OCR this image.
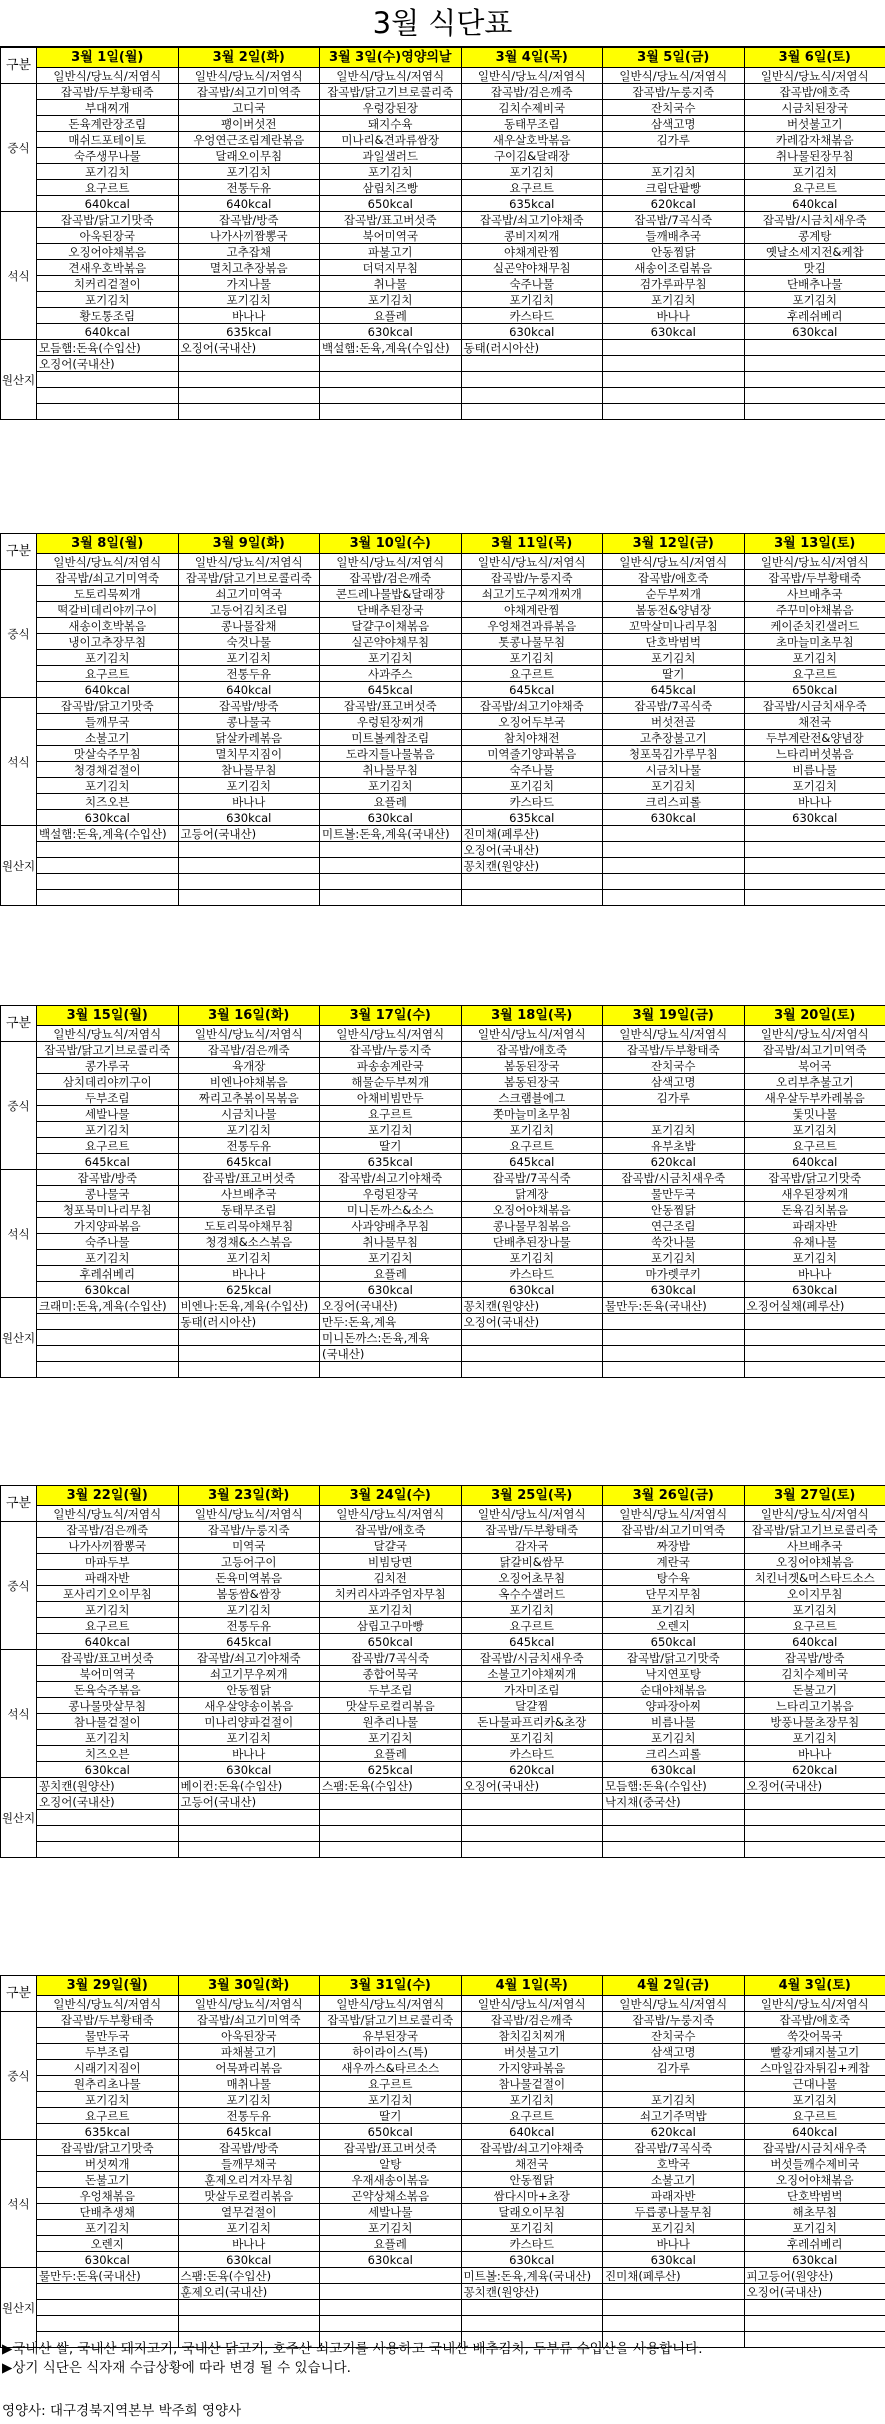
3월 식단표
구분	3월 1일(월)	3월 2일(화)	3월 3일(수)영양의날	3월 4일(목)	3월 5일(금)	3월 6일(토)
	일반식/당뇨식/저염식	일반식/당뇨식/저염식	일반식/당뇨식/저염식	일반식/당뇨식/저염식	일반식/당뇨식/저염식	일반식/당뇨식/저염식
중식	잡곡밥/두부황태죽	잡곡밥/쇠고기미역죽	잡곡밥/닭고기브로콜리죽	잡곡밥/검은깨죽	잡곡밥/누룽지죽	잡곡밥/애호죽
	부대찌개	고디국	우렁강된장	김치수제비국	잔치국수	시금치된장국
	돈육계란장조림	팽이버섯전	돼지수육	동태무조림	삼색고명	버섯불고기
	매쉬드포테이토	우엉연근조림계란볶음	미나리&견과류쌈장	새우살호박볶음	김가루	카레감자채볶음
	숙주생무나물	달래오이무침	과일샐러드	구이김&달래장		취나물된장무침
	포기김치	포기김치	포기김치	포기김치	포기김치	포기김치
	요구르트	전통두유	삼립치즈빵	요구르트	크림단팥빵	요구르트
	640kcal	640kcal	650kcal	635kcal	620kcal	640kcal
석식	잡곡밥/닭고기맛죽	잡곡밥/방죽	잡곡밥/표고버섯죽	잡곡밥/쇠고기야채죽	잡곡밥/7곡식죽	잡곡밥/시금치새우죽
	아욱된장국	나가사끼짬뽕국	북어미역국	콩비지찌개	들깨배추국	콩계탕
	오징어야채볶음	고추잡채	파불고기	야채계란찜	안동찜닭	옛날소세지전&케찹
	견새우호박볶음	멸치고추장볶음	더덕지무침	실곤약야채무침	새송이조림볶음	맛김
	치커리겉절이	가지나물	취나물	숙주나물	검가루파무침	단배추나물
	포기김치	포기김치	포기김치	포기김치	포기김치	포기김치
	황도통조림	바나나	요플레	카스타드	바나나	후레쉬베리
	640kcal	635kcal	630kcal	630kcal	630kcal	630kcal
원산지	모듬햄:돈육(수입산)	오징어(국내산)	백설햄:돈육,계육(수입산)	동태(러시아산)		
	오징어(국내산)					

구분	3월 8일(월)	3월 9일(화)	3월 10일(수)	3월 11일(목)	3월 12일(금)	3월 13일(토)
	일반식/당뇨식/저염식	일반식/당뇨식/저염식	일반식/당뇨식/저염식	일반식/당뇨식/저염식	일반식/당뇨식/저염식	일반식/당뇨식/저염식
중식	잡곡밥/쇠고기미역죽	잡곡밥/닭고기브로콜리죽	잡곡밥/검은깨죽	잡곡밥/누룽지죽	잡곡밥/애호죽	잡곡밥/두부황태죽
	도토리묵찌개	쇠고기미역국	콘드레나물밥&달래장	쇠고기도구찌개찌개	순두부찌개	사브배추국
	떡갈비데리야끼구이	고등어김치조림	단배추된장국	야채계란찜	봄동전&양념장	주꾸미야채볶음
	새송이호박볶음	콩나물잡채	달걀구이채볶음	우엉채견과류볶음	꼬막살미나리무침	케이준치킨샐러드
	냉이고추장무침	숙것나물	실곤약야채무침	톳콩나물무침	단호박범벅	초마늘미초무침
	포기김치	포기김치	포기김치	포기김치	포기김치	포기김치
	요구르트	전통두유	사과주스	요구르트	딸기	요구르트
	640kcal	640kcal	645kcal	645kcal	645kcal	650kcal
석식	잡곡밥/닭고기맛죽	잡곡밥/방죽	잡곡밥/표고버섯죽	잡곡밥/쇠고기야채죽	잡곡밥/7곡식죽	잡곡밥/시금치새우죽
	들깨무국	콩나물국	우렁된장찌개	오징어두부국	버섯전골	채전국
	소불고기	닭살카레볶음	미트볼케찹조림	참치야채전	고추장불고기	두부계란전&양념장
	맛살숙주무침	멸치무지짐이	도라지들나물볶음	미역줄기양파볶음	청포묵김가루무침	느타리버섯볶음
	청경채겉절이	참나물무침	취나물무침	숙주나물	시금치나물	비름나물
	포기김치	포기김치	포기김치	포기김치	포기김치	포기김치
	치즈오븐	바나나	요플레	카스타드	크리스피롤	바나나
	630kcal	630kcal	630kcal	635kcal	630kcal	630kcal
원산지	백설햄:돈육,계육(수입산)	고등어(국내산)	미트볼:돈육,계육(국내산)	진미채(페루산)		
				오징어(국내산)		
				꽁치캔(원양산)		

구분	3월 15일(월)	3월 16일(화)	3월 17일(수)	3월 18일(목)	3월 19일(금)	3월 20일(토)
	일반식/당뇨식/저염식	일반식/당뇨식/저염식	일반식/당뇨식/저염식	일반식/당뇨식/저염식	일반식/당뇨식/저염식	일반식/당뇨식/저염식
중식	잡곡밥/닭고기브로콜리죽	잡곡밥/검은깨죽	잡곡밥/누룽지죽	잡곡밥/애호죽	잡곡밥/두부황태죽	잡곡밥/쇠고기미역죽
	콩가루국	육개장	파송송계란국	봄동된장국	잔치국수	북어국
	삼치데리야끼구이	비엔나야채볶음	해물순두부찌개	봄동된장국	삼색고명	오리부추불고기
	두부조림	짜리고추볶이목볶음	아채비빔만두	스크램블에그	김가루	새우살두부카레볶음
	세발나물	시금치나물	요구르트	쫏마늘미초무침		돛밋나물
	포기김치	포기김치	포기김치	포기김치	포기김치	포기김치
	요구르트	전통두유	딸기	요구르트	유부초밥	요구르트
	645kcal	645kcal	635kcal	645kcal	620kcal	640kcal
석식	잡곡밥/방죽	잡곡밥/표고버섯죽	잡곡밥/쇠고기야채죽	잡곡밥/7곡식죽	잡곡밥/시금치새우죽	잡곡밥/닭고기맛죽
	콩나물국	사브배추국	우렁된장국	닭계장	물만두국	새우된장찌개
	청포묵미나리무침	동태무조림	미니돈까스&소스	오징어야채볶음	안동찜닭	돈육김치볶음
	가지양파볶음	도토리묵야채무침	사과양배추무침	콩나물무침볶음	연근조림	파래자반
	숙주나물	청경채&소스볶음	취나물무침	단배추된장나물	쑥갓나물	유채나물
	포기김치	포기김치	포기김치	포기김치	포기김치	포기김치
	후레쉬베리	바나나	요플레	카스타드	마가렛쿠키	바나나
	630kcal	625kcal	630kcal	630kcal	630kcal	630kcal
원산지	크래미:돈육,계육(수입산)	비엔나:돈육,계육(수입산)	오징어(국내산)	꽁치캔(원양산)	물만두:돈육(국내산)	오징어실채(페루산)
		동태(러시아산)	만두:돈육,계육	오징어(국내산)		
			미니돈까스:돈육,계육			
			(국내산)			

구분	3월 22일(월)	3월 23일(화)	3월 24일(수)	3월 25일(목)	3월 26일(금)	3월 27일(토)
	일반식/당뇨식/저염식	일반식/당뇨식/저염식	일반식/당뇨식/저염식	일반식/당뇨식/저염식	일반식/당뇨식/저염식	일반식/당뇨식/저염식
중식	잡곡밥/검은깨죽	잡곡밥/누룽지죽	잡곡밥/애호죽	잡곡밥/두부황태죽	잡곡밥/쇠고기미역죽	잡곡밥/닭고기브로콜리죽
	나가사끼짬뽕국	미역국	달걀국	감자국	짜장밥	사브배추국
	마파두부	고등어구이	비빔당면	닭갈비&쌈무	계란국	오징어야채볶음
	파래자반	돈육미역볶음	김치전	오징어초무침	탕수육	치킨너겟&머스타드소스
	포사리기오이무침	봄동쌈&쌈장	치커리사과주엄자무침	옥수수샐러드	단무지무침	오이지무침
	포기김치	포기김치	포기김치	포기김치	포기김치	포기김치
	요구르트	전통두유	삼립고구마빵	요구르트	오렌지	요구르트
	640kcal	645kcal	650kcal	645kcal	650kcal	640kcal
석식	잡곡밥/표고버섯죽	잡곡밥/쇠고기야채죽	잡곡밥/7곡식죽	잡곡밥/시금치새우죽	잡곡밥/닭고기맛죽	잡곡밥/방죽
	북어미역국	쇠고기무우찌개	종합어묵국	소불고기야채찌개	낙지연포탕	김치수제비국
	돈육숙주볶음	안동찜닭	두부조림	가자미조림	순대야채볶음	돈불고기
	콩나물맛살무침	새우살양송이볶음	맛살두로컬리볶음	달걀찜	양파장아찌	느타리고기볶음
	참나물겉절이	미나리양파겉절이	원추리나물	돈나물파프리카&초장	비름나물	방풍나물초장무침
	포기김치	포기김치	포기김치	포기김치	포기김치	포기김치
	치즈오븐	바나나	요플레	카스타드	크리스피롤	바나나
	630kcal	630kcal	625kcal	620kcal	630kcal	620kcal
원산지	꽁치캔(원양산)	베이컨:돈육(수입산)	스팸:돈육(수입산)	오징어(국내산)	모듬햄:돈육(수입산)	오징어(국내산)
	오징어(국내산)	고등어(국내산)			낙지채(중국산)	

구분	3월 29일(월)	3월 30일(화)	3월 31일(수)	4월 1일(목)	4월 2일(금)	4월 3일(토)
	일반식/당뇨식/저염식	일반식/당뇨식/저염식	일반식/당뇨식/저염식	일반식/당뇨식/저염식	일반식/당뇨식/저염식	일반식/당뇨식/저염식
중식	잡곡밥/두부황태죽	잡곡밥/쇠고기미역죽	잡곡밥/닭고기브로콜리죽	잡곡밥/검은깨죽	잡곡밥/누룽지죽	잡곡밥/애호죽
	물만두국	아욱된장국	유부된장국	참치김치찌개	잔치국수	쑥갓어묵국
	두부조림	파채불고기	하이라이스(특)	버섯불고기	삼색고명	빨갛게돼지불고기
	시래기지짐이	어묵꽈리볶음	새우까스&타르소스	가지양파볶음	김가루	스마일감자튀김+케찹
	원추리초나물	매취나물	요구르트	참나물겉절이		근대나물
	포기김치	포기김치	포기김치	포기김치	포기김치	포기김치
	요구르트	전통두유	딸기	요구르트	쇠고기주먹밥	요구르트
	635kcal	645kcal	650kcal	640kcal	620kcal	640kcal
석식	잡곡밥/닭고기맛죽	잡곡밥/방죽	잡곡밥/표고버섯죽	잡곡밥/쇠고기야채죽	잡곡밥/7곡식죽	잡곡밥/시금치새우죽
	버섯찌개	들깨무채국	알탕	채전국	호박국	버섯들깨수제비국
	돈불고기	훈제오리겨자무침	우재새송이볶음	안동찜닭	소불고기	오징어야채볶음
	우엉채볶음	맛살두로컬리볶음	곤약상채소볶음	쌈다시마+초장	파래자반	단호박범벅
	단배추생채	열무겉절이	세발나물	달래오이무침	두릅콩나물무침	해초무침
	포기김치	포기김치	포기김치	포기김치	포기김치	포기김치
	오렌지	바나나	요플레	카스타드	바나나	후레쉬베리
	630kcal	630kcal	630kcal	630kcal	630kcal	630kcal
원산지	물만두:돈육(국내산)	스팸:돈육(수입산)		미트볼:돈육,계육(국내산)	진미채(페루산)	피고등어(원양산)
		훈제오리(국내산)		꽁치캔(원양산)		오징어(국내산)

▶국내산 쌀, 국내산 돼지고기, 국내산 닭고기, 호주산 쇠고기를 사용하고 국내산 배추김치, 두부류 수입산을 사용합니다.
▶상기 식단은 식자재 수급상황에 따라 변경 될 수 있습니다.
영양사: 대구경북지역본부 박주희 영양사
